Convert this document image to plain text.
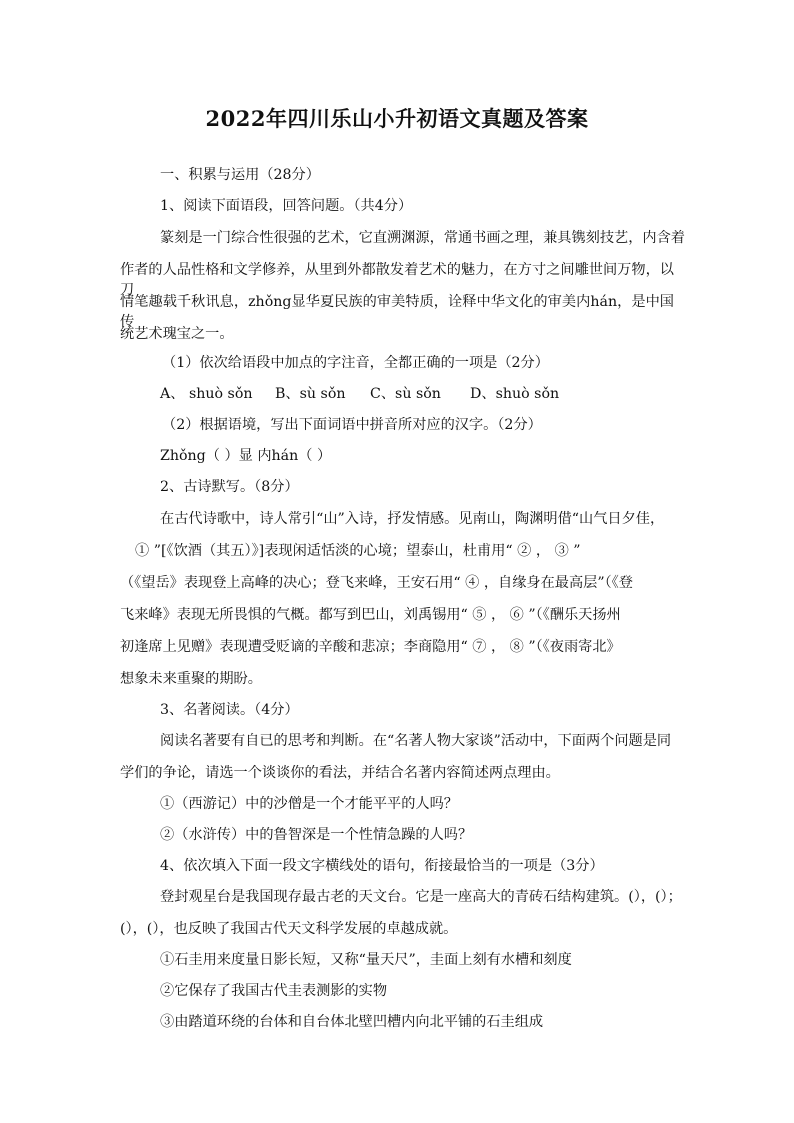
2022年四川乐山小升初语文真题及答案

一、积累与运用（28分）

1、阅读下面语段，回答问题。（共4分）

篆刻是一门综合性很强的艺术，它直溯渊源，常通书画之理，兼具镌刻技艺，内含着

作者的人品性格和文学修养，从里到外都散发着艺术的魅力，在方寸之间雕世间万物，以刀

情笔趣载千秋讯息，zhǒng显华夏民族的审美特质，诠释中华文化的审美内hán，是中国传

统艺术瑰宝之一。

（1）依次给语段中加点的字注音，全都正确的一项是（2分）

A、 shuò sǒn B、sù sǒn C、sù sǒn D、shuò sǒn

（2）根据语境，写出下面词语中拼音所对应的汉字。（2分）

Zhǒng（ ）显 内hán（ ）

2、古诗默写。（8分）

在古代诗歌中，诗人常引“山”入诗，抒发情感。见南山，陶渊明借“山气日夕佳，

① ”[《饮酒（其五）》]表现闲适恬淡的心境；望泰山，杜甫用“ ② ， ③ ”

（《望岳》表现登上高峰的决心；登飞来峰，王安石用“ ④ ，自缘身在最高层”（《登

飞来峰》表现无所畏惧的气概。都写到巴山，刘禹锡用“ ⑤ ， ⑥ ”（《酬乐天扬州

初逢席上见赠》表现遭受贬谪的辛酸和悲凉；李商隐用“ ⑦ ， ⑧ ”（《夜雨寄北》

想象未来重聚的期盼。

3、名著阅读。（4分）

阅读名著要有自已的思考和判断。在“名著人物大家谈”活动中，下面两个问题是同

学们的争论，请选一个谈谈你的看法，并结合名著内容简述两点理由。

①（西游记）中的沙僧是一个才能平平的人吗？

②（水浒传）中的鲁智深是一个性情急躁的人吗？

4、依次填入下面一段文字横线处的语句，衔接最恰当的一项是（3分）

登封观星台是我国现存最古老的天文台。它是一座高大的青砖石结构建筑。(），(）；

(），(），也反映了我国古代天文科学发展的卓越成就。

①石圭用来度量日影长短，又称“量天尺”，圭面上刻有水槽和刻度

②它保存了我国古代圭表测影的实物

③由踏道环绕的台体和自台体北壁凹槽内向北平铺的石圭组成
